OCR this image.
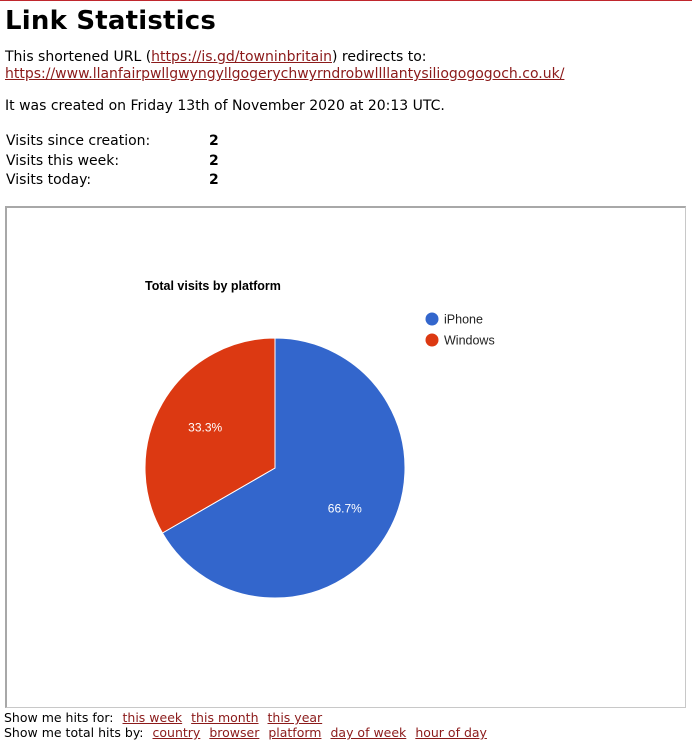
Link Statistics
This shortened URL (https://is.gd/towninbritain) redirects to:
https://www.llanfairpwllgwyngyllgogerychwyrndrobwllllantysiliogogogoch.co.uk/
It was created on Friday 13th of November 2020 at 20:13 UTC.
Visits since creation:	2
Visits this week:	2
Visits today:	2
Total visits by platform
66.7%
33.3%
iPhone
Windows
Show me hits for: this week this month this year
Show me total hits by: country browser platform day of week hour of day
